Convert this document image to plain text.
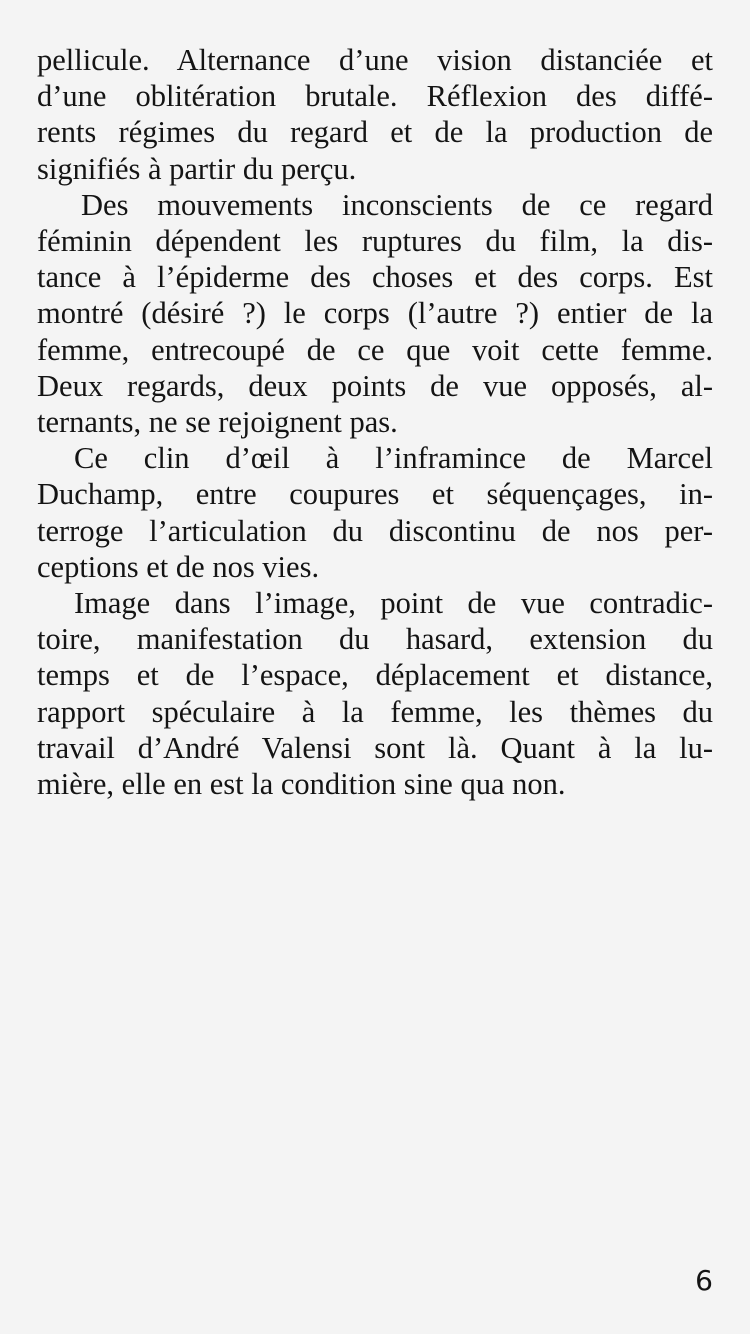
pellicule. Alternance d’une vision distanciée et
d’une oblitération brutale. Réflexion des diffé-
rents régimes du regard et de la production de
signifiés à partir du perçu.
Des mouvements inconscients de ce regard
féminin dépendent les ruptures du film, la dis-
tance à l’épiderme des choses et des corps. Est
montré (désiré ?) le corps (l’autre ?) entier de la
femme, entrecoupé de ce que voit cette femme.
Deux regards, deux points de vue opposés, al-
ternants, ne se rejoignent pas.
Ce clin d’œil à l’inframince de Marcel
Duchamp, entre coupures et séquençages, in-
terroge l’articulation du discontinu de nos per-
ceptions et de nos vies.
Image dans l’image, point de vue contradic-
toire, manifestation du hasard, extension du
temps et de l’espace, déplacement et distance,
rapport spéculaire à la femme, les thèmes du
travail d’André Valensi sont là. Quant à la lu-
mière, elle en est la condition sine qua non.
6
